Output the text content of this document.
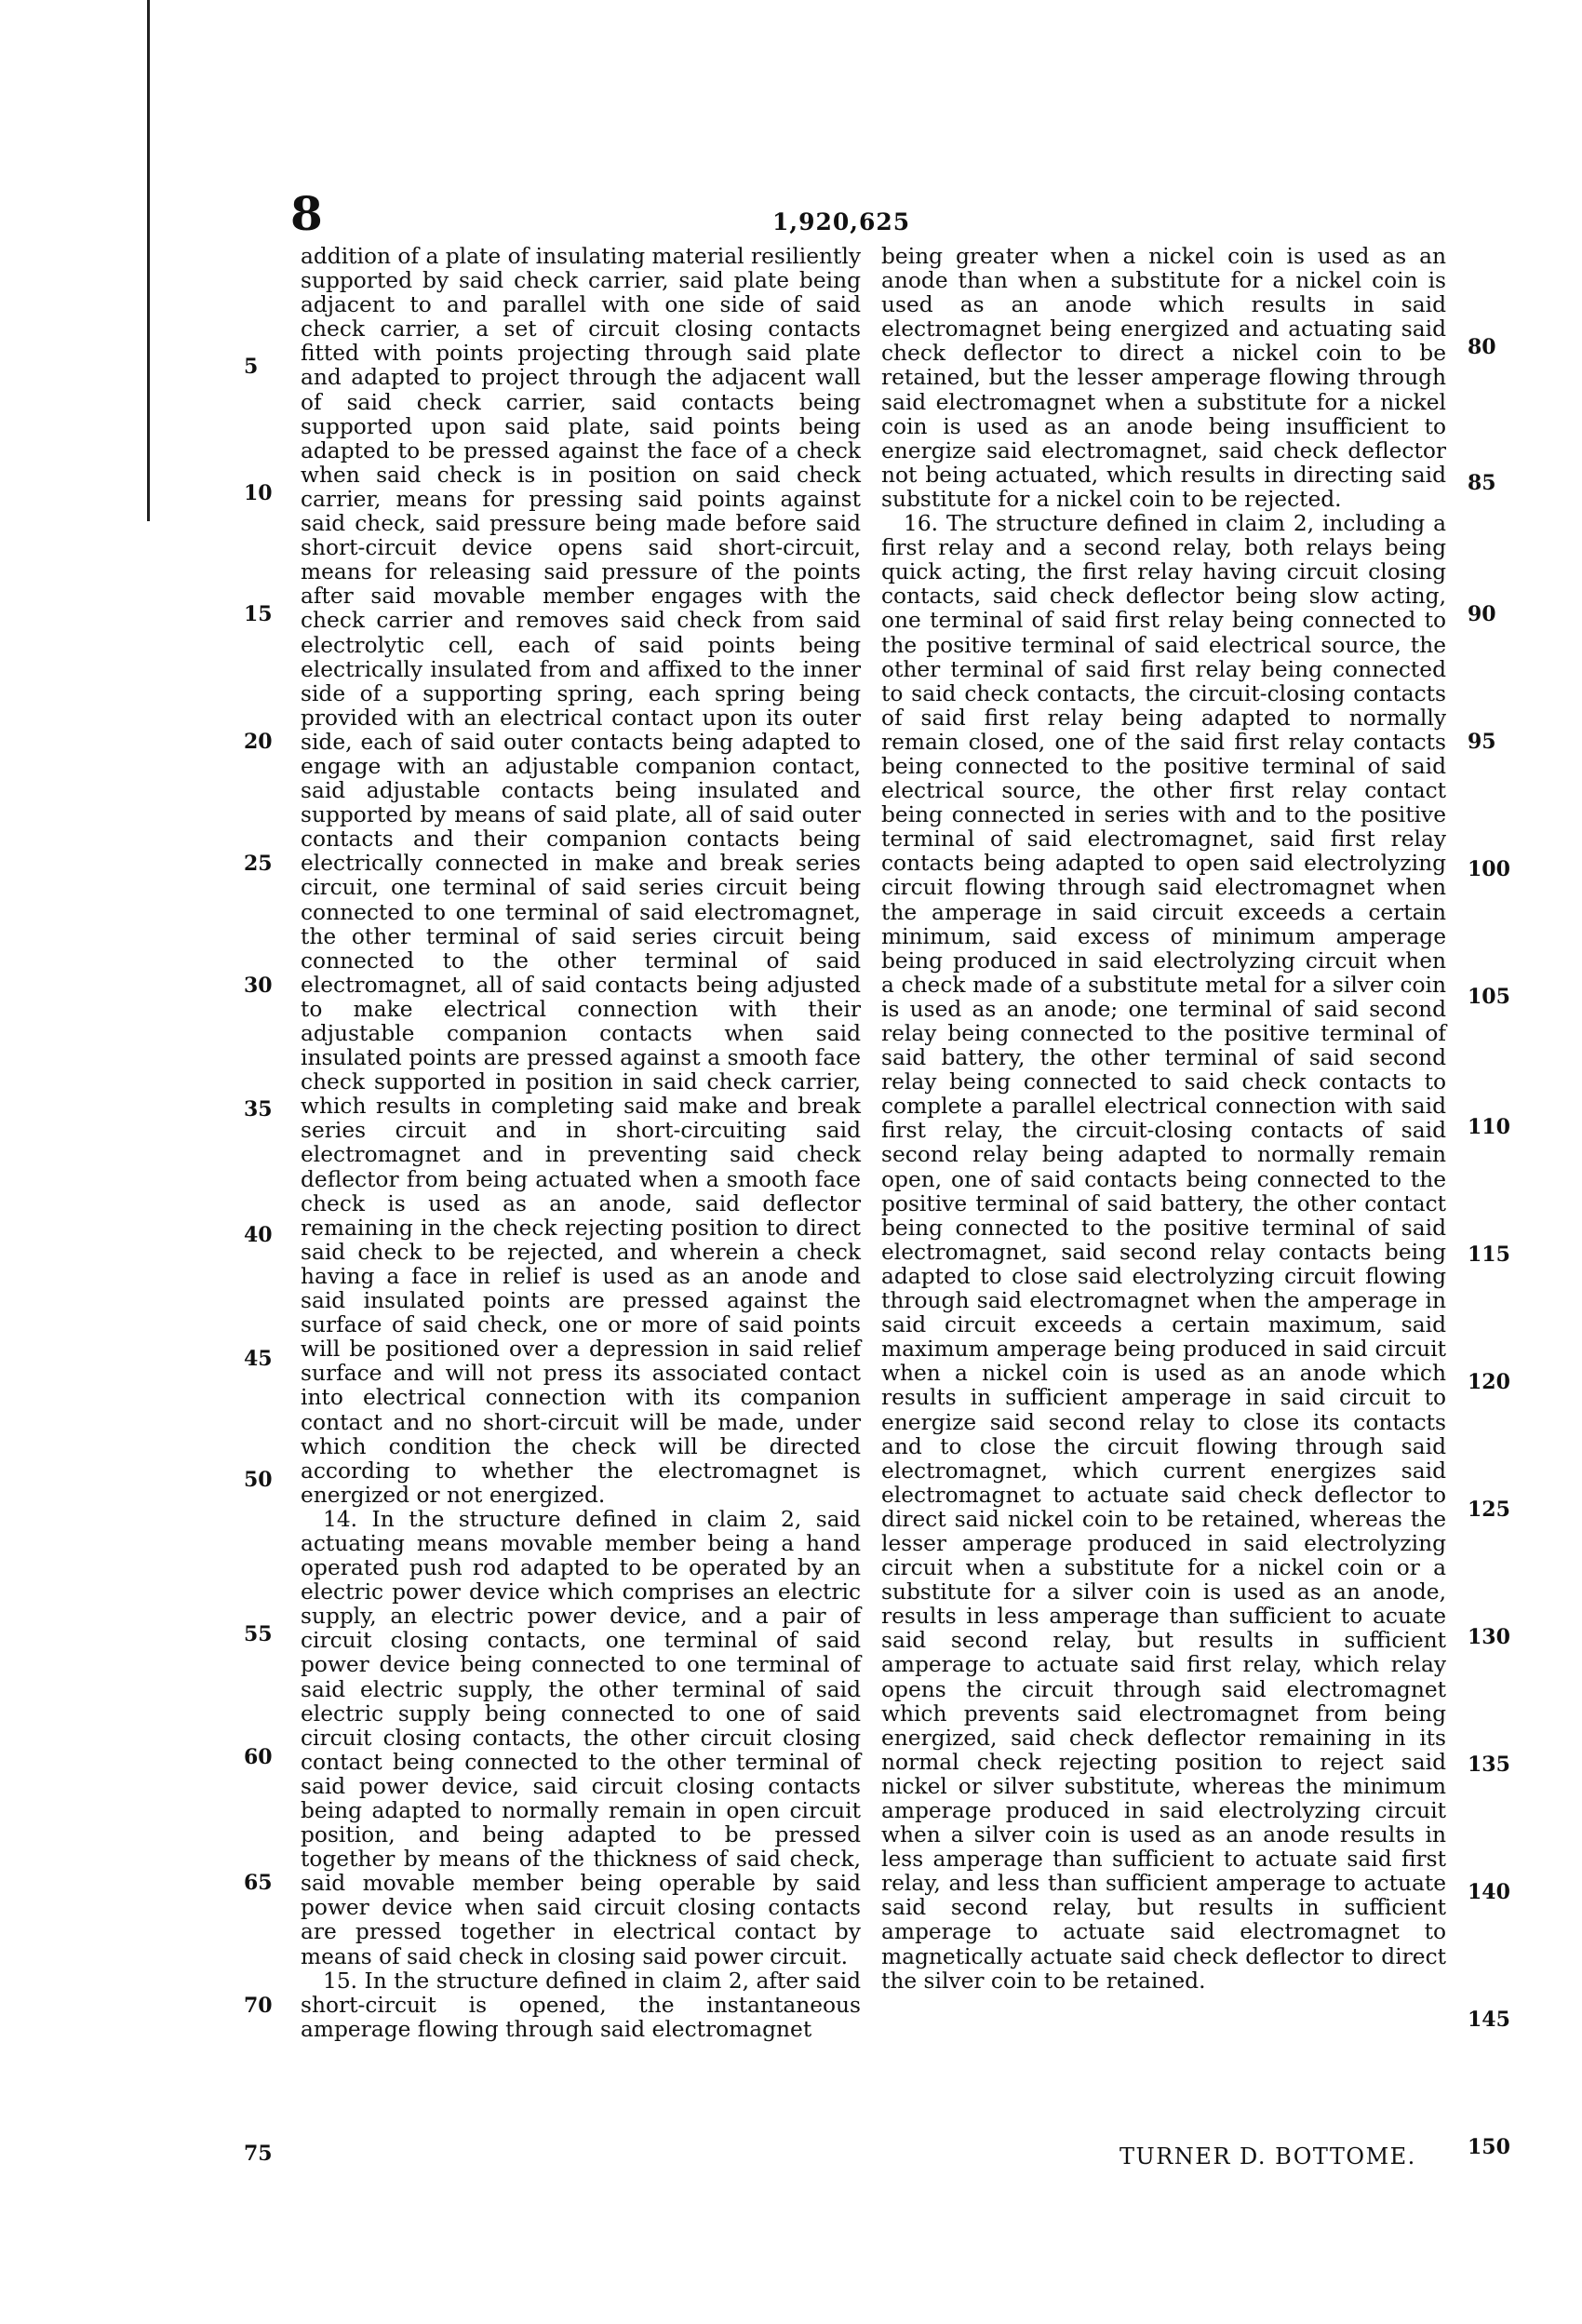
8	1,920,625

addition of a plate of insulating material resiliently supported by said check carrier, said plate being adjacent to and parallel with one side of said check carrier, a set of circuit closing contacts fitted with points projecting through said plate and adapted to project through the adjacent wall of said check carrier, said contacts being supported upon said plate, said points being adapted to be pressed against the face of a check when said check is in position on said check carrier, means for pressing said points against said check, said pressure being made before said short-circuit device opens said short-circuit, means for releasing said pressure of the points after said movable member engages with the check carrier and removes said check from said electrolytic cell, each of said points being electrically insulated from and affixed to the inner side of a supporting spring, each spring being provided with an electrical contact upon its outer side, each of said outer contacts being adapted to engage with an adjustable companion contact, said adjustable contacts being insulated and supported by means of said plate, all of said outer contacts and their companion contacts being electrically connected in make and break series circuit, one terminal of said series circuit being connected to one terminal of said electromagnet, the other terminal of said series circuit being connected to the other terminal of said electromagnet, all of said contacts being adjusted to make electrical connection with their adjustable companion contacts when said insulated points are pressed against a smooth face check supported in position in said check carrier, which results in completing said make and break series circuit and in short-circuiting said electromagnet and in preventing said check deflector from being actuated when a smooth face check is used as an anode, said deflector remaining in the check rejecting position to direct said check to be rejected, and wherein a check having a face in relief is used as an anode and said insulated points are pressed against the surface of said check, one or more of said points will be positioned over a depression in said relief surface and will not press its associated contact into electrical connection with its companion contact and no short-circuit will be made, under which condition the check will be directed according to whether the electromagnet is energized or not energized.

14. In the structure defined in claim 2, said actuating means movable member being a hand operated push rod adapted to be operated by an electric power device which comprises an electric supply, an electric power device, and a pair of circuit closing contacts, one terminal of said power device being connected to one terminal of said electric supply, the other terminal of said electric supply being connected to one of said circuit closing contacts, the other circuit closing contact being connected to the other terminal of said power device, said circuit closing contacts being adapted to normally remain in open circuit position, and being adapted to be pressed together by means of the thickness of said check, said movable member being operable by said power device when said circuit closing contacts are pressed together in electrical contact by means of said check in closing said power circuit.

15. In the structure defined in claim 2, after said short-circuit is opened, the instantaneous amperage flowing through said electromagnet

being greater when a nickel coin is used as an anode than when a substitute for a nickel coin is used as an anode which results in said electromagnet being energized and actuating said check deflector to direct a nickel coin to be retained, but the lesser amperage flowing through said electromagnet when a substitute for a nickel coin is used as an anode being insufficient to energize said electromagnet, said check deflector not being actuated, which results in directing said substitute for a nickel coin to be rejected.

16. The structure defined in claim 2, including a first relay and a second relay, both relays being quick acting, the first relay having circuit closing contacts, said check deflector being slow acting, one terminal of said first relay being connected to the positive terminal of said electrical source, the other terminal of said first relay being connected to said check contacts, the circuit-closing contacts of said first relay being adapted to normally remain closed, one of the said first relay contacts being connected to the positive terminal of said electrical source, the other first relay contact being connected in series with and to the positive terminal of said electromagnet, said first relay contacts being adapted to open said electrolyzing circuit flowing through said electromagnet when the amperage in said circuit exceeds a certain minimum, said excess of minimum amperage being produced in said electrolyzing circuit when a check made of a substitute metal for a silver coin is used as an anode; one terminal of said second relay being connected to the positive terminal of said battery, the other terminal of said second relay being connected to said check contacts to complete a parallel electrical connection with said first relay, the circuit-closing contacts of said second relay being adapted to normally remain open, one of said contacts being connected to the positive terminal of said battery, the other contact being connected to the positive terminal of said electromagnet, said second relay contacts being adapted to close said electrolyzing circuit flowing through said electromagnet when the amperage in said circuit exceeds a certain maximum, said maximum amperage being produced in said circuit when a nickel coin is used as an anode which results in sufficient amperage in said circuit to energize said second relay to close its contacts and to close the circuit flowing through said electromagnet, which current energizes said electromagnet to actuate said check deflector to direct said nickel coin to be retained, whereas the lesser amperage produced in said electrolyzing circuit when a substitute for a nickel coin or a substitute for a silver coin is used as an anode, results in less amperage than sufficient to acuate said second relay, but results in sufficient amperage to actuate said first relay, which relay opens the circuit through said electromagnet which prevents said electromagnet from being energized, said check deflector remaining in its normal check rejecting position to reject said nickel or silver substitute, whereas the minimum amperage produced in said electrolyzing circuit when a silver coin is used as an anode results in less amperage than sufficient to actuate said first relay, and less than sufficient amperage to actuate said second relay, but results in sufficient amperage to actuate said electromagnet to magnetically actuate said check deflector to direct the silver coin to be retained.

5
10
15
20
25
30
35
40
45
50
55
60
65
70
75
80
85
90
95
100
105
110
115
120
125
130
135
140
145
150
TURNER D. BOTTOME.
